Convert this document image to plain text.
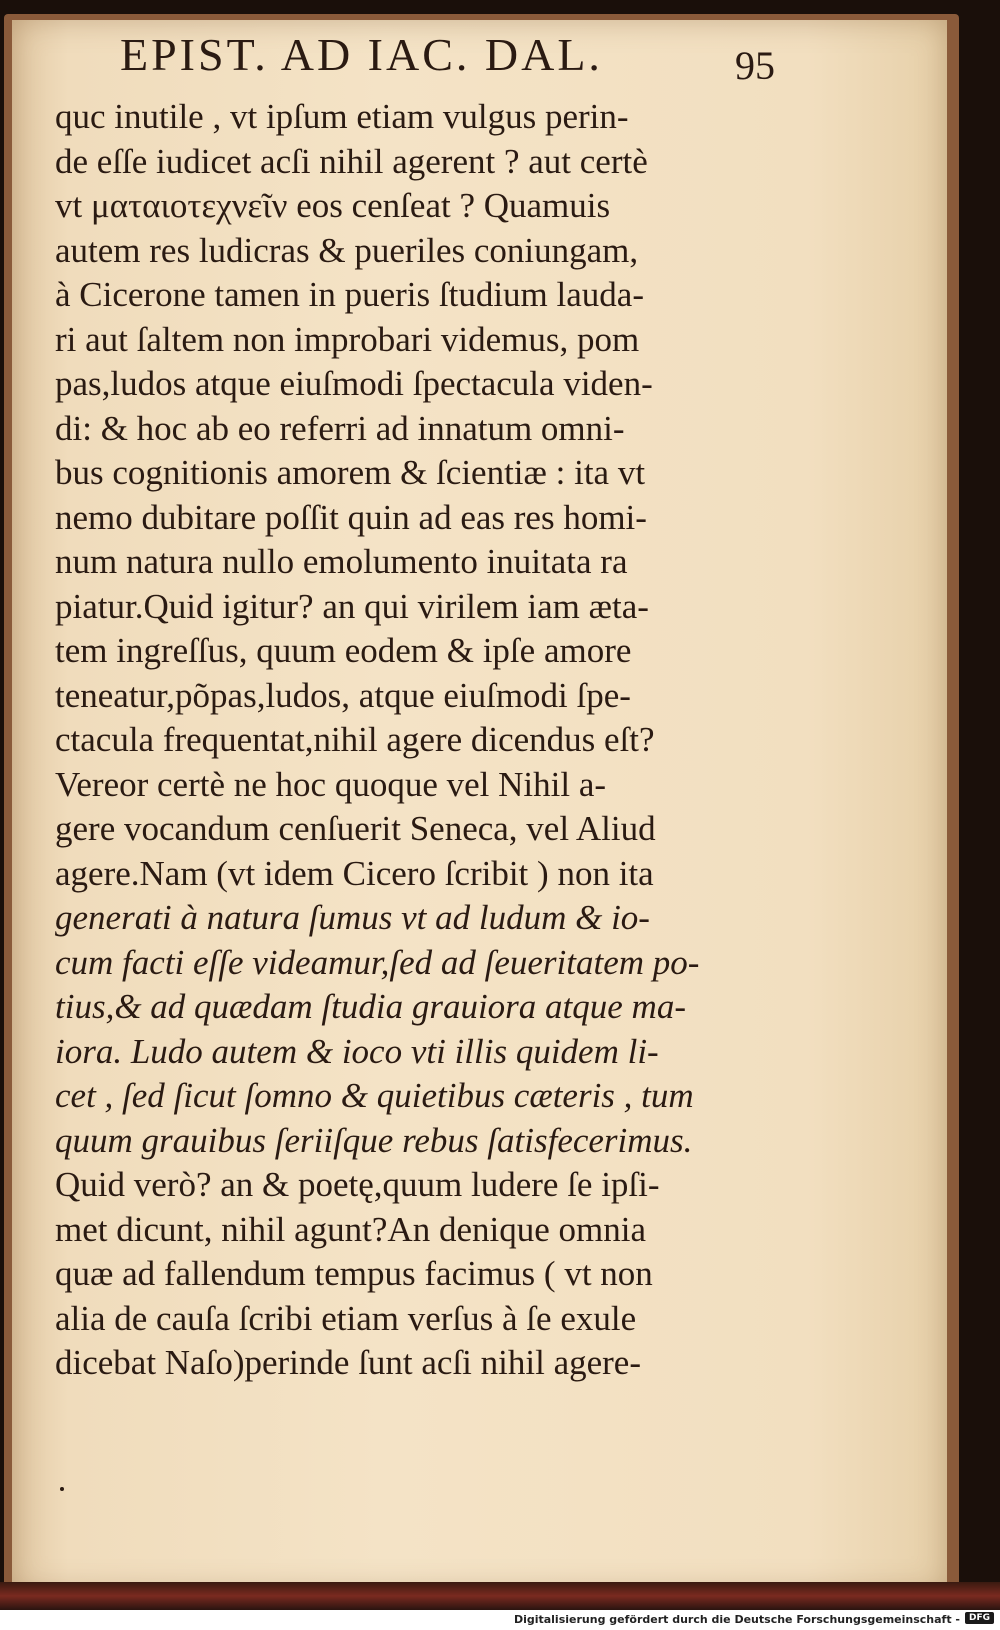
EPIST. AD IAC. DAL.	95
quc inutile , vt ipſum etiam vulgus perin-
de eſſe iudicet acſi nihil agerent ? aut certè
vt ματαιοτεχνεῖν eos cenſeat ? Quamuis
autem res ludicras & pueriles coniungam,
à Cicerone tamen in pueris ſtudium lauda-
ri aut ſaltem non improbari videmus, pom
pas,ludos atque eiuſmodi ſpectacula viden-
di: & hoc ab eo referri ad innatum omni-
bus cognitionis amorem & ſcientiæ : ita vt
nemo dubitare poſſit quin ad eas res homi-
num natura nullo emolumento inuitata ra
piatur.Quid igitur? an qui virilem iam æta-
tem ingreſſus, quum eodem & ipſe amore
teneatur,põpas,ludos, atque eiuſmodi ſpe-
ctacula frequentat,nihil agere dicendus eſt?
Vereor certè ne hoc quoque vel Nihil a-
gere vocandum cenſuerit Seneca, vel Aliud
agere.Nam (vt idem Cicero ſcribit ) non ita
generati à natura ſumus vt ad ludum & io-
cum facti eſſe videamur,ſed ad ſeueritatem po-
tius,& ad quædam ſtudia grauiora atque ma-
iora. Ludo autem & ioco vti illis quidem li-
cet , ſed ſicut ſomno & quietibus cæteris , tum
quum grauibus ſeriiſque rebus ſatisfecerimus.
Quid verò? an & poetę,quum ludere ſe ipſi-
met dicunt, nihil agunt?An denique omnia
quæ ad fallendum tempus facimus ( vt non
alia de cauſa ſcribi etiam verſus à ſe exule
dicebat Naſo)perinde ſunt acſi nihil agere-
Digitalisierung gefördert durch die Deutsche Forschungsgemeinschaft - DFG
